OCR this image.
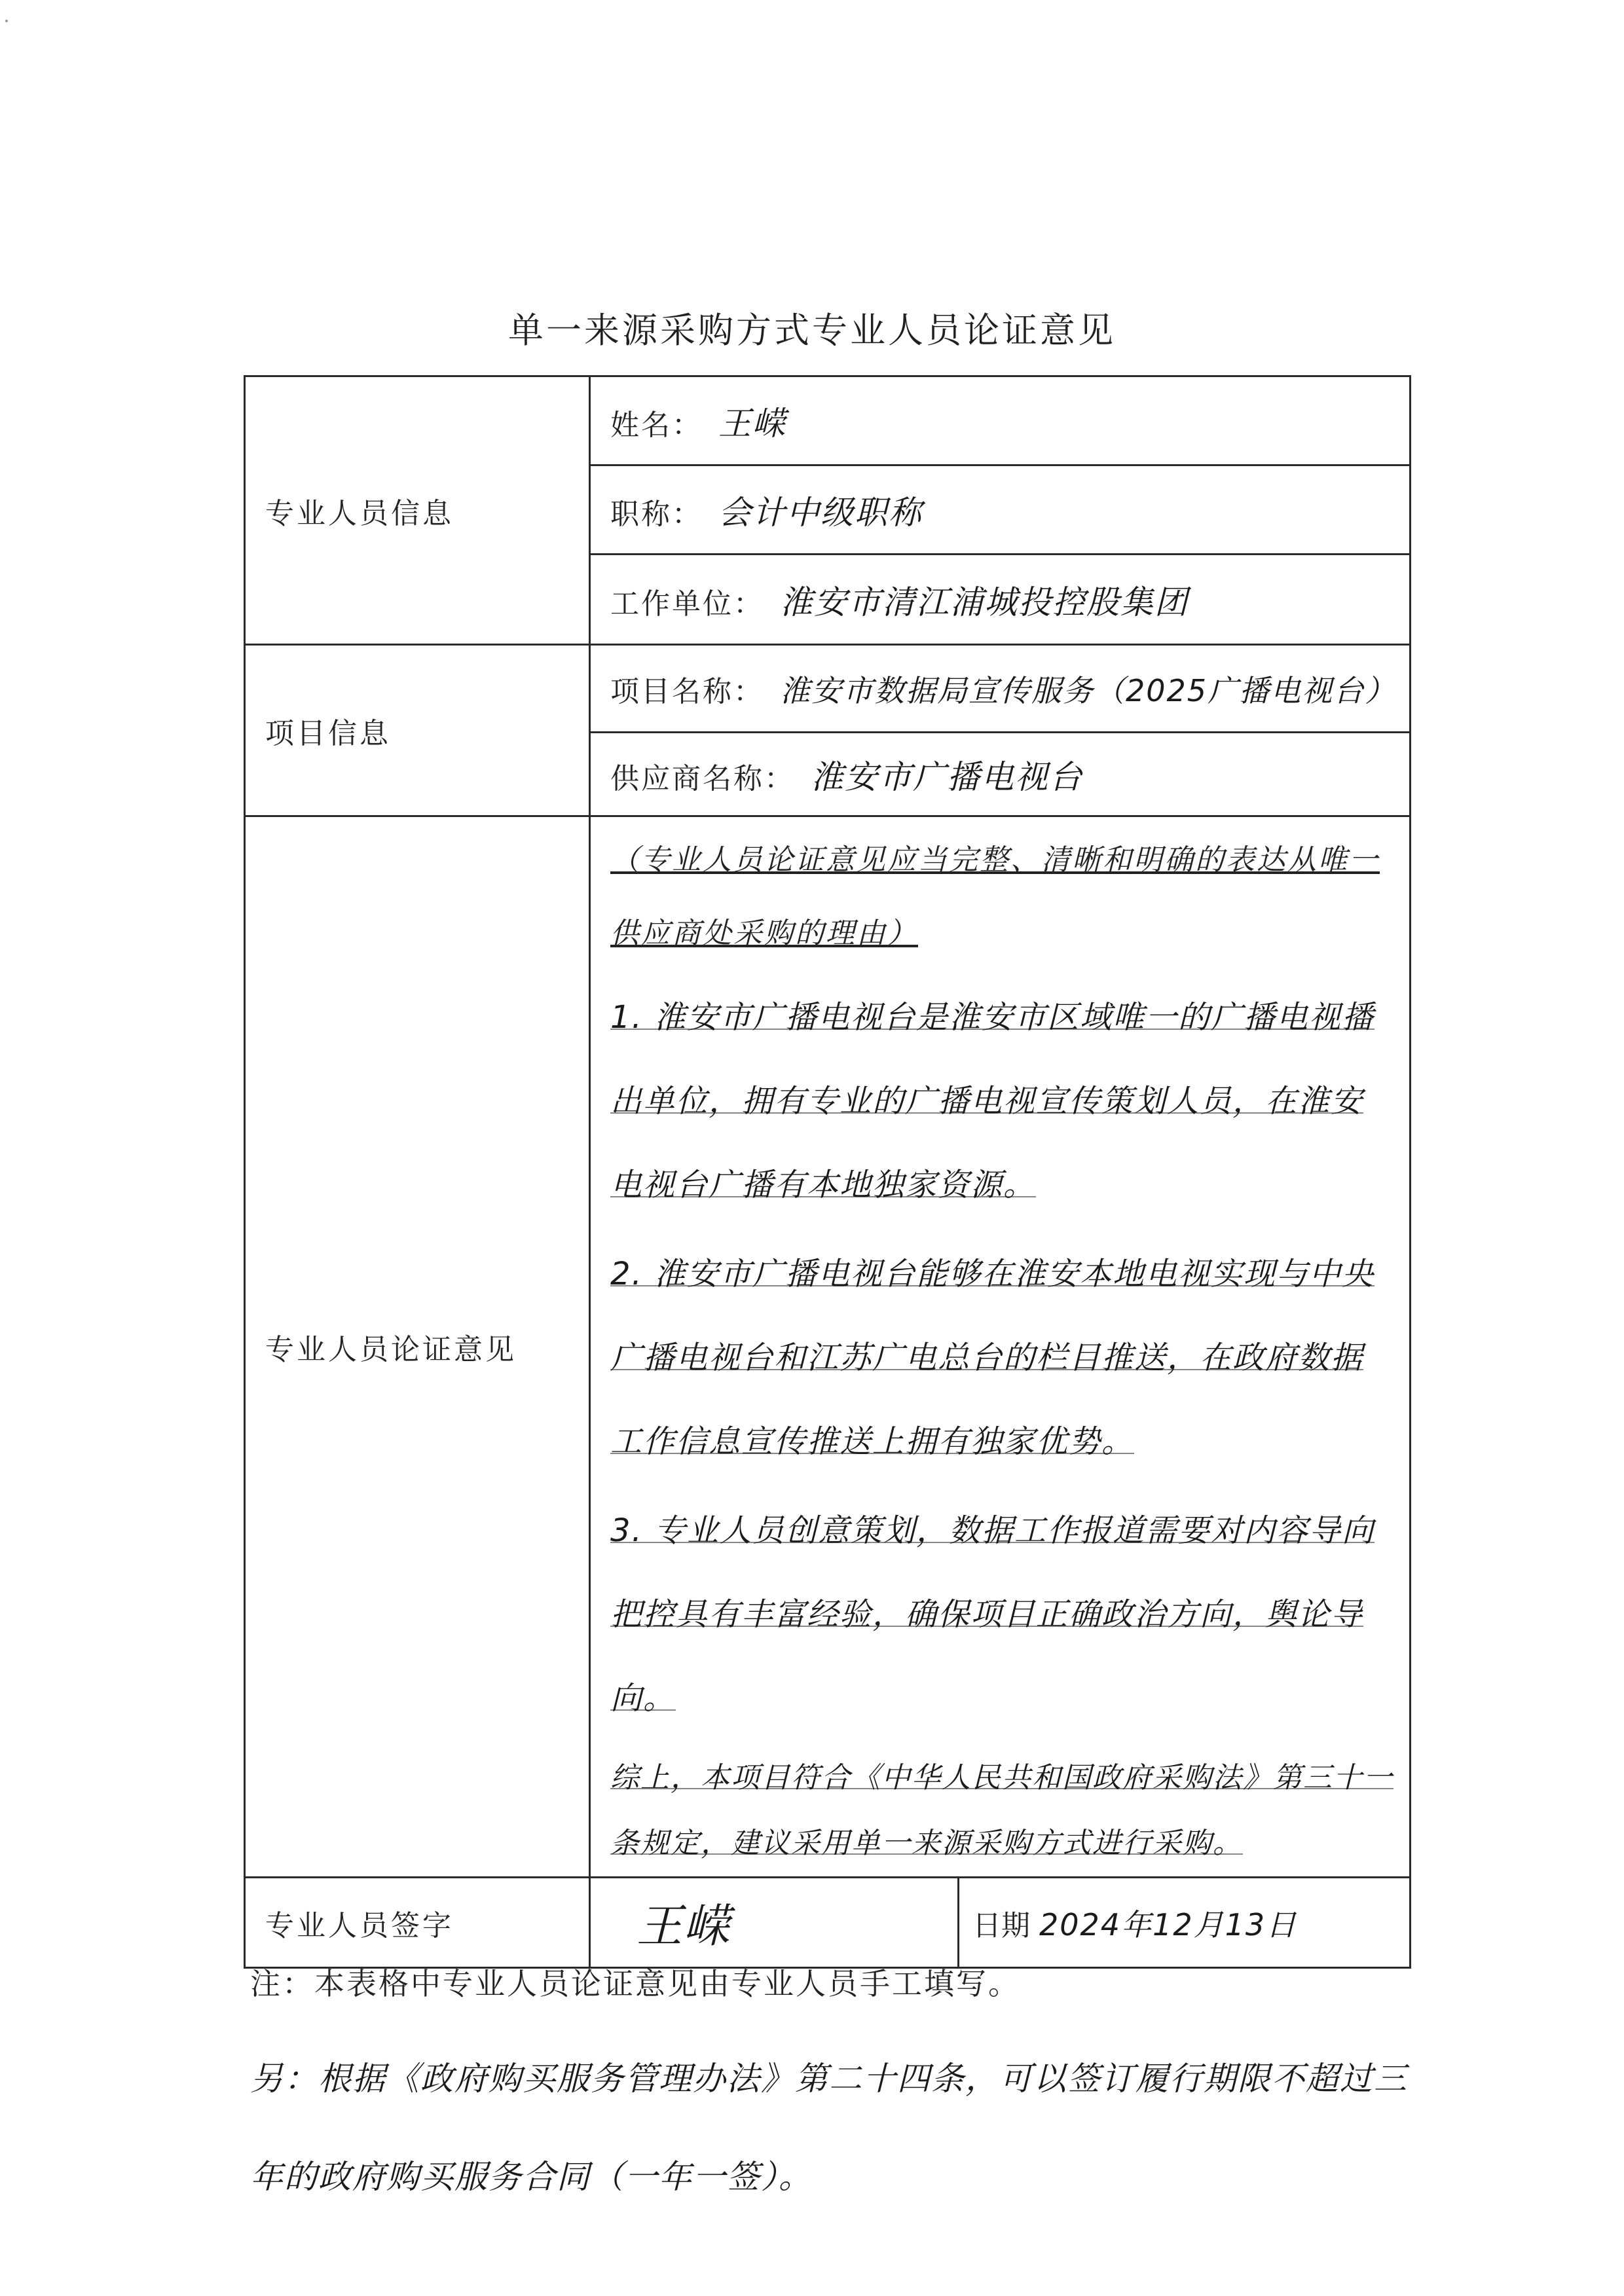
单一来源采购方式专业人员论证意见
专业人员信息	姓名： 王嵘	
	职称： 会计中级职称	
	工作单位： 淮安市清江浦城投控股集团	
项目信息	项目名称： 淮安市数据局宣传服务（2025广播电视台）	
	供应商名称： 淮安市广播电视台	
专业人员论证意见	（专业人员论证意见应当完整、清晰和明确的表达从唯一供应商处采购的理由）
1. 淮安市广播电视台是淮安市区域唯一的广播电视播出单位，拥有专业的广播电视宣传策划人员，在淮安电视台广播有本地独家资源。
2. 淮安市广播电视台能够在淮安本地电视实现与中央广播电视台和江苏广电总台的栏目推送，在政府数据工作信息宣传推送上拥有独家优势。
3. 专业人员创意策划，数据工作报道需要对内容导向把控具有丰富经验，确保项目正确政治方向，舆论导向。
综上，本项目符合《中华人民共和国政府采购法》第三十一条规定，建议采用单一来源采购方式进行采购。	

专业人员签字	王嵘	日期 2024年12月13日
注：本表格中专业人员论证意见由专业人员手工填写。
另：根据《政府购买服务管理办法》第二十四条，可以签订履行期限不超过三年的政府购买服务合同（一年一签）。
